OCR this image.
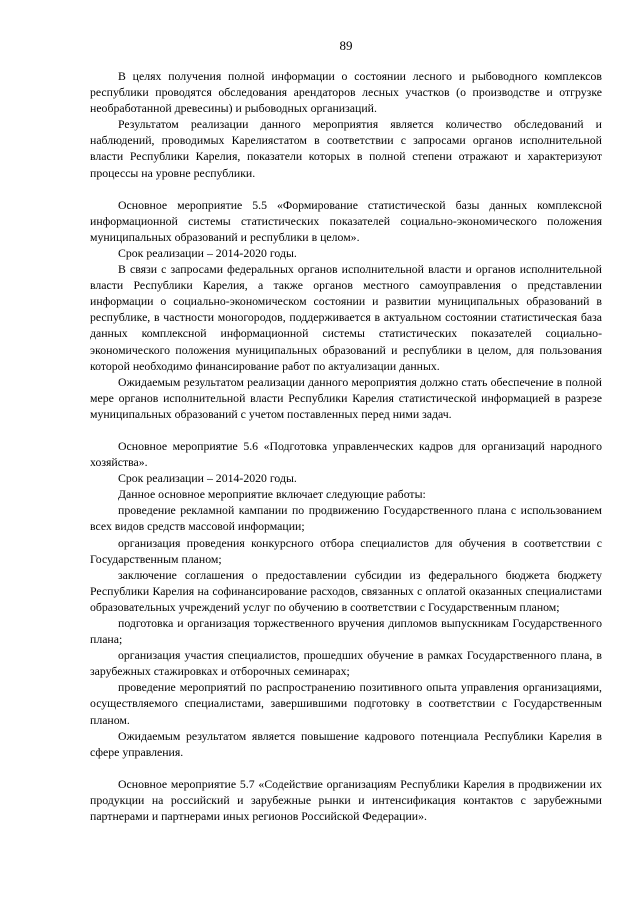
89

В целях получения полной информации о состоянии лесного и рыбоводного комплексов республики проводятся обследования арендаторов лесных участков (о производстве и отгрузке необработанной древесины) и рыбоводных организаций.

Результатом реализации данного мероприятия является количество обследований и наблюдений, проводимых Карелиястатом в соответствии с запросами органов исполнительной власти Республики Карелия, показатели которых в полной степени отражают и характеризуют процессы на уровне республики.

Основное мероприятие 5.5 «Формирование статистической базы данных комплексной информационной системы статистических показателей социально-экономического положения муниципальных образований и республики в целом».

Срок реализации – 2014-2020 годы.

В связи с запросами федеральных органов исполнительной власти и органов исполнительной власти Республики Карелия, а также органов местного самоуправления о представлении информации о социально-экономическом состоянии и развитии муниципальных образований в республике, в частности моногородов, поддерживается в актуальном состоянии статистическая база данных комплексной информационной системы статистических показателей социально-экономического положения муниципальных образований и республики в целом, для пользования которой необходимо финансирование работ по актуализации данных.

Ожидаемым результатом реализации данного мероприятия должно стать обеспечение в полной мере органов исполнительной власти Республики Карелия статистической информацией в разрезе муниципальных образований с учетом поставленных перед ними задач.

Основное мероприятие 5.6 «Подготовка управленческих кадров для организаций народного хозяйства».

Срок реализации – 2014-2020 годы.

Данное основное мероприятие включает следующие работы:

проведение рекламной кампании по продвижению Государственного плана с использованием всех видов средств массовой информации;

организация проведения конкурсного отбора специалистов для обучения в соответствии с Государственным планом;

заключение соглашения о предоставлении субсидии из федерального бюджета бюджету Республики Карелия на софинансирование расходов, связанных с оплатой оказанных специалистами образовательных учреждений услуг по обучению в соответствии с Государственным планом;

подготовка и организация торжественного вручения дипломов выпускникам Государственного плана;

организация участия специалистов, прошедших обучение в рамках Государственного плана, в зарубежных стажировках и отборочных семинарах;

проведение мероприятий по распространению позитивного опыта управления организациями, осуществляемого специалистами, завершившими подготовку в соответствии с Государственным планом.

Ожидаемым результатом является повышение кадрового потенциала Республики Карелия в сфере управления.

Основное мероприятие 5.7 «Содействие организациям Республики Карелия в продвижении их продукции на российский и зарубежные рынки и интенсификация контактов с зарубежными партнерами и партнерами иных регионов Российской Федерации».
